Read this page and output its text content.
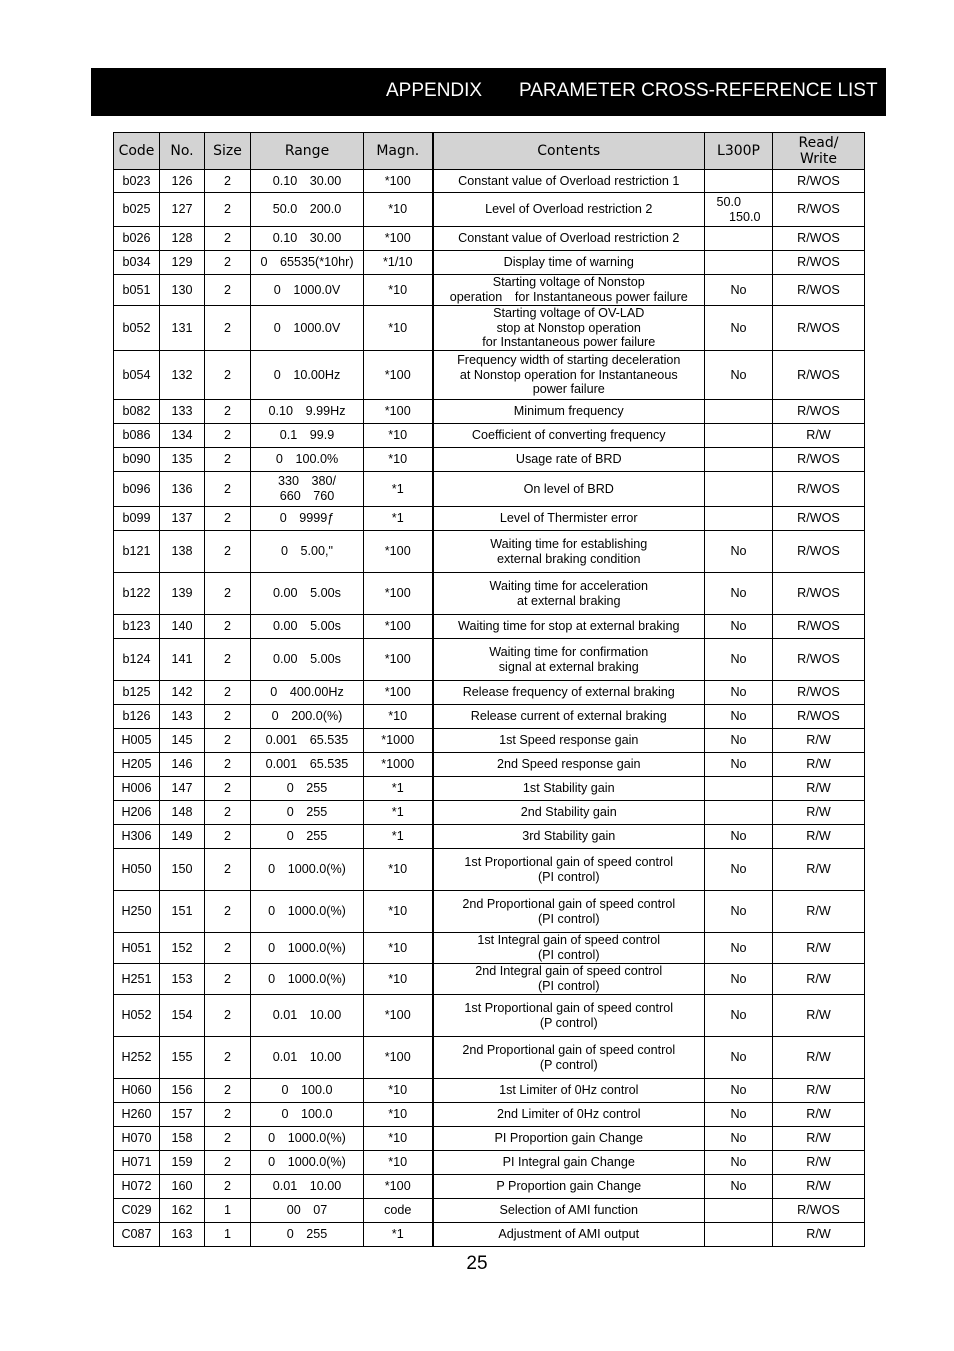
APPENDIX PARAMETER CROSS-REFERENCE LIST
Code	No.	Size	Range	Magn.	Contents	L300P	Read/
Write

b023	126	2	0.10　30.00	*100	Constant value of Overload restriction 1		R/WOS
b025	127	2	50.0　200.0	*10	Level of Overload restriction 2	50.0
　150.0	R/WOS
b026	128	2	0.10　30.00	*100	Constant value of Overload restriction 2		R/WOS
b034	129	2	0　65535(*10hr)	*1/10	Display time of warning		R/WOS
b051	130	2	0　1000.0V	*10	Starting voltage of Nonstop
operation　for Instantaneous power failure	No	R/WOS
b052	131	2	0　1000.0V	*10	Starting voltage of OV-LAD
stop at Nonstop operation
for Instantaneous power failure	No	R/WOS
b054	132	2	0　10.00Hz	*100	Frequency width of starting deceleration
at Nonstop operation for Instantaneous
power failure	No	R/WOS
b082	133	2	0.10　9.99Hz	*100	Minimum frequency		R/WOS
b086	134	2	0.1　99.9	*10	Coefficient of converting frequency		R/W
b090	135	2	0　100.0%	*10	Usage rate of BRD		R/WOS
b096	136	2	330　380/
660　760	*1	On level of BRD		R/WOS
b099	137	2	0　9999ƒ	*1	Level of Thermister error		R/WOS
b121	138	2	0　5.00,"	*100	Waiting time for establishing
external braking condition	No	R/WOS
b122	139	2	0.00　5.00s	*100	Waiting time for acceleration
at external braking	No	R/WOS
b123	140	2	0.00　5.00s	*100	Waiting time for stop at external braking	No	R/WOS
b124	141	2	0.00　5.00s	*100	Waiting time for confirmation
signal at external braking	No	R/WOS
b125	142	2	0　400.00Hz	*100	Release frequency of external braking	No	R/WOS
b126	143	2	0　200.0(%)	*10	Release current of external braking	No	R/WOS
H005	145	2	0.001　65.535	*1000	1st Speed response gain	No	R/W
H205	146	2	0.001　65.535	*1000	2nd Speed response gain	No	R/W
H006	147	2	0　255	*1	1st Stability gain		R/W
H206	148	2	0　255	*1	2nd Stability gain		R/W
H306	149	2	0　255	*1	3rd Stability gain	No	R/W
H050	150	2	0　1000.0(%)	*10	1st Proportional gain of speed control
(PI control)	No	R/W
H250	151	2	0　1000.0(%)	*10	2nd Proportional gain of speed control
(PI control)	No	R/W
H051	152	2	0　1000.0(%)	*10	1st Integral gain of speed control
(PI control)	No	R/W
H251	153	2	0　1000.0(%)	*10	2nd Integral gain of speed control
(PI control)	No	R/W
H052	154	2	0.01　10.00	*100	1st Proportional gain of speed control
(P control)	No	R/W
H252	155	2	0.01　10.00	*100	2nd Proportional gain of speed control
(P control)	No	R/W
H060	156	2	0　100.0	*10	1st Limiter of 0Hz control	No	R/W
H260	157	2	0　100.0	*10	2nd Limiter of 0Hz control	No	R/W
H070	158	2	0　1000.0(%)	*10	PI Proportion gain Change	No	R/W
H071	159	2	0　1000.0(%)	*10	PI Integral gain Change	No	R/W
H072	160	2	0.01　10.00	*100	P Proportion gain Change	No	R/W
C029	162	1	00　07	code	Selection of AMI function		R/WOS
C087	163	1	0　255	*1	Adjustment of AMI output		R/W
25
